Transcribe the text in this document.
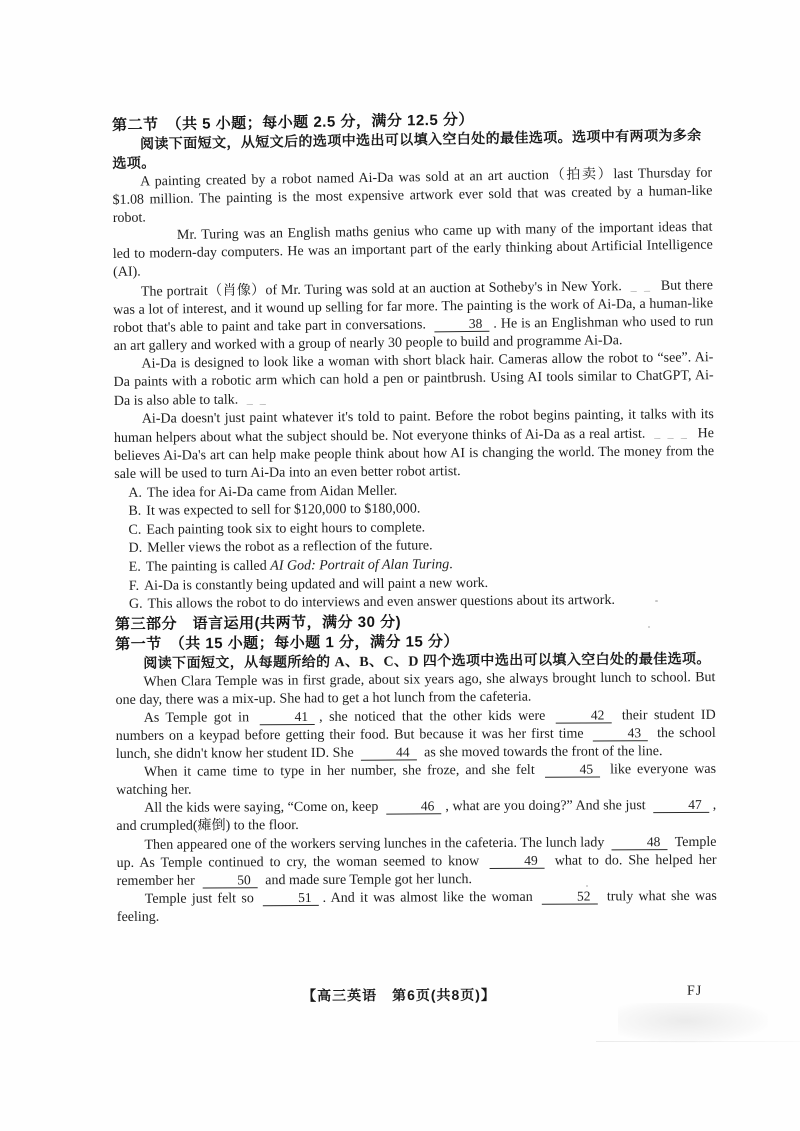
第二节　（共 5 小题；每小题 2.5 分，满分 12.5 分）

阅读下面短文，从短文后的选项中选出可以填入空白处的最佳选项。选项中有两项为多余选项。

A painting created by a robot named Ai-Da was sold at an art auction（拍卖）last Thursday for $1.08 million. The painting is the most expensive artwork ever sold that was created by a human-like robot.

Mr. Turing was an English maths genius who came up with many of the important ideas that led to modern-day computers. He was an important part of the early thinking about Artificial Intelligence (AI).

The portrait（肖像）of Mr. Turing was sold at an auction at Sotheby's in New York. _ _ But there was a lot of interest, and it wound up selling for far more. The painting is the work of Ai-Da, a human-like robot that's able to paint and take part in conversations.	38 . He is an Englishman who used to run an art gallery and worked with a group of nearly 30 people to build and programme Ai-Da.

Ai-Da is designed to look like a woman with short black hair. Cameras allow the robot to “see”. Ai-Da paints with a robotic arm which can hold a pen or paintbrush. Using AI tools similar to ChatGPT, Ai-Da is also able to talk. _ _

Ai-Da doesn't just paint whatever it's told to paint. Before the robot begins painting, it talks with its human helpers about what the subject should be. Not everyone thinks of Ai-Da as a real artist. _ _ _ He believes Ai-Da's art can help make people think about how AI is changing the world. The money from the sale will be used to turn Ai-Da into an even better robot artist.

A. The idea for Ai-Da came from Aidan Meller.

B. It was expected to sell for $120,000 to $180,000.

C. Each painting took six to eight hours to complete.

D. Meller views the robot as a reflection of the future.

E. The painting is called AI God: Portrait of Alan Turing.

F. Ai-Da is constantly being updated and will paint a new work.

G. This allows the robot to do interviews and even answer questions about its artwork.

第三部分　语言运用(共两节，满分 30 分)
第一节　（共 15 小题；每小题 1 分，满分 15 分）

阅读下面短文，从每题所给的 A、B、C、D 四个选项中选出可以填入空白处的最佳选项。

When Clara Temple was in first grade, about six years ago, she always brought lunch to school. But one day, there was a mix-up. She had to get a hot lunch from the cafeteria.

As Temple got in	41 , she noticed that the other kids were	42 their student ID numbers on a keypad before getting their food. But because it was her first time	43 the school lunch, she didn't know her student ID. She	44 as she moved towards the front of the line.

When it came time to type in her number, she froze, and she felt	45 like everyone was watching her.

All the kids were saying, “Come on, keep	46 , what are you doing?” And she just	47 , and crumpled(瘫倒) to the floor.

Then appeared one of the workers serving lunches in the cafeteria. The lunch lady	48 Temple up. As Temple continued to cry, the woman seemed to know	49 what to do. She helped her remember her	50 and made sure Temple got her lunch.

Temple just felt so	51 . And it was almost like the woman	52 truly what she was feeling.

【高三英语　第6页(共8页)】	FJ
